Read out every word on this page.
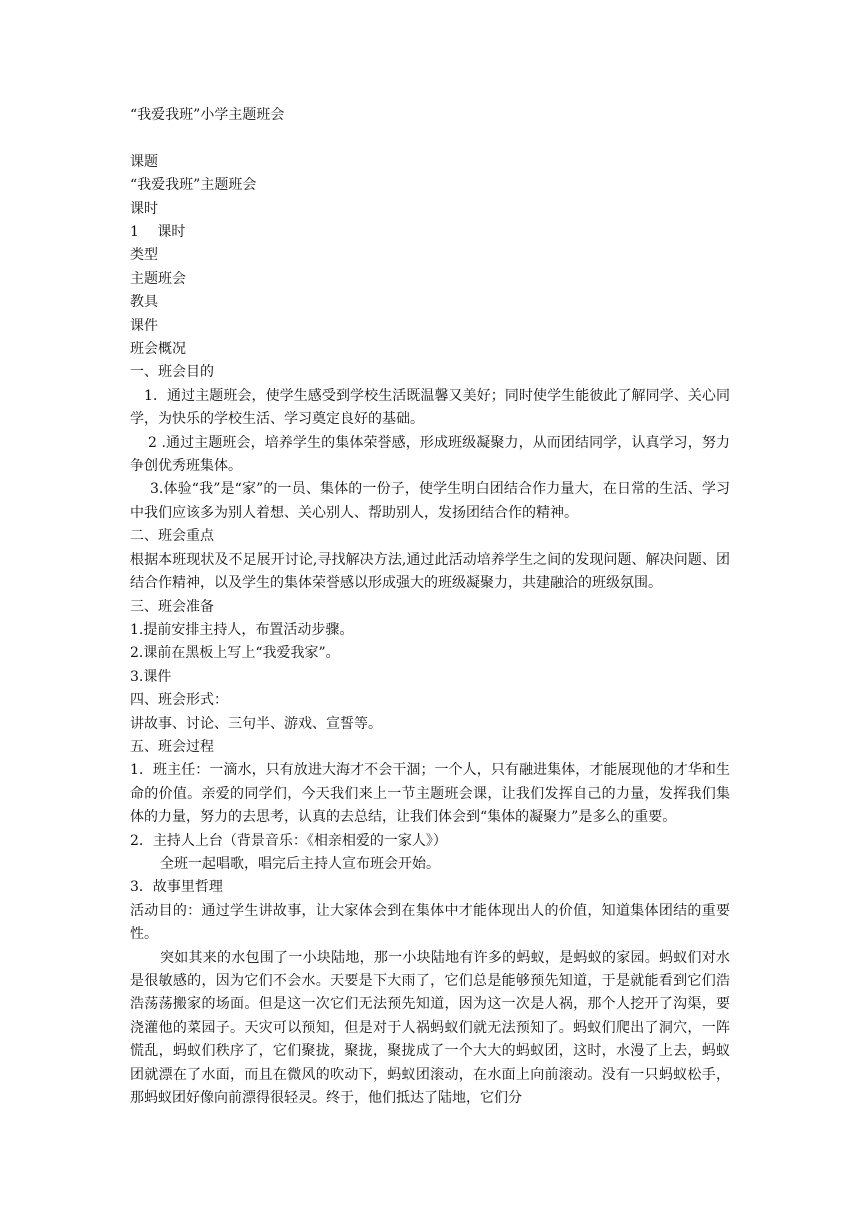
“我爱我班”小学主题班会
课题
“我爱我班”主题班会
课时
1　 课时
类型
主题班会
教具
课件
班会概况
一、班会目的
1．通过主题班会，使学生感受到学校生活既温馨又美好；同时使学生能彼此了解同学、关心同学，为快乐的学校生活、学习奠定良好的基础。
2 .通过主题班会，培养学生的集体荣誉感，形成班级凝聚力，从而团结同学，认真学习，努力争创优秀班集体。
3.体验“我”是“家”的一员、集体的一份子，使学生明白团结合作力量大，在日常的生活、学习中我们应该多为别人着想、关心别人、帮助别人，发扬团结合作的精神。
二、班会重点
根据本班现状及不足展开讨论,寻找解决方法,通过此活动培养学生之间的发现问题、解决问题、团结合作精神，以及学生的集体荣誉感以形成强大的班级凝聚力，共建融洽的班级氛围。
三、班会准备
1.提前安排主持人，布置活动步骤。
2.课前在黑板上写上“我爱我家”。
3.课件
四、班会形式：
讲故事、讨论、三句半、游戏、宣誓等。
五、班会过程
1．班主任：一滴水，只有放进大海才不会干涸；一个人，只有融进集体，才能展现他的才华和生命的价值。亲爱的同学们，今天我们来上一节主题班会课，让我们发挥自己的力量，发挥我们集体的力量，努力的去思考，认真的去总结，让我们体会到“集体的凝聚力”是多么的重要。
2．主持人上台（背景音乐：《相亲相爱的一家人》）
全班一起唱歌，唱完后主持人宣布班会开始。
3．故事里哲理
活动目的：通过学生讲故事，让大家体会到在集体中才能体现出人的价值，知道集体团结的重要性。
突如其来的水包围了一小块陆地，那一小块陆地有许多的蚂蚁，是蚂蚁的家园。蚂蚁们对水是很敏感的，因为它们不会水。天要是下大雨了，它们总是能够预先知道，于是就能看到它们浩浩荡荡搬家的场面。但是这一次它们无法预先知道，因为这一次是人祸，那个人挖开了沟渠，要浇灌他的菜园子。天灾可以预知，但是对于人祸蚂蚁们就无法预知了。蚂蚁们爬出了洞穴，一阵慌乱，蚂蚁们秩序了，它们聚拢，聚拢，聚拢成了一个大大的蚂蚁团，这时，水漫了上去，蚂蚁团就漂在了水面，而且在微风的吹动下，蚂蚁团滚动，在水面上向前滚动。没有一只蚂蚁松手，那蚂蚁团好像向前漂得很轻灵。终于，他们抵达了陆地，它们分
